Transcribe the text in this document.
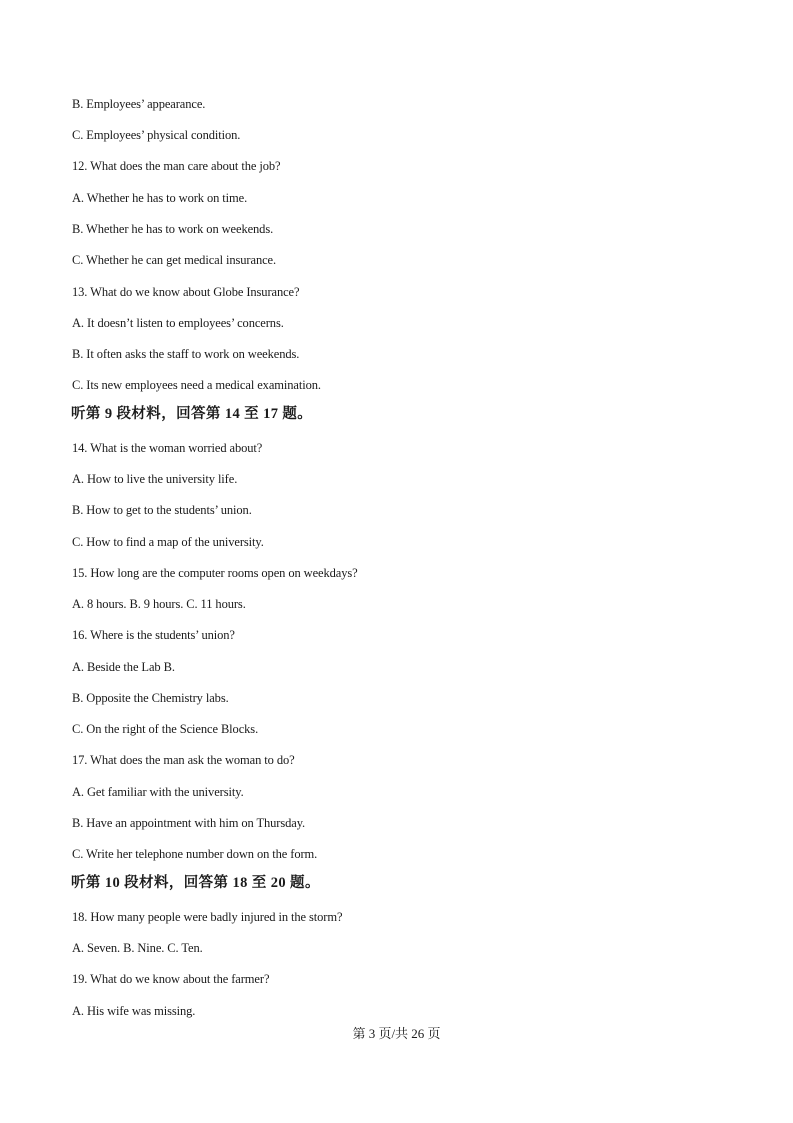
B. Employees’ appearance.
C. Employees’ physical condition.
12. What does the man care about the job?
A. Whether he has to work on time.
B. Whether he has to work on weekends.
C. Whether he can get medical insurance.
13. What do we know about Globe Insurance?
A. It doesn’t listen to employees’ concerns.
B. It often asks the staff to work on weekends.
C. Its new employees need a medical examination.
听第 9 段材料，回答第 14 至 17 题。
14. What is the woman worried about?
A. How to live the university life.
B. How to get to the students’ union.
C. How to find a map of the university.
15. How long are the computer rooms open on weekdays?
A. 8 hours. B. 9 hours. C. 11 hours.
16. Where is the students’ union?
A. Beside the Lab B.
B. Opposite the Chemistry labs.
C. On the right of the Science Blocks.
17. What does the man ask the woman to do?
A. Get familiar with the university.
B. Have an appointment with him on Thursday.
C. Write her telephone number down on the form.
听第 10 段材料，回答第 18 至 20 题。
18. How many people were badly injured in the storm?
A. Seven. B. Nine. C. Ten.
19. What do we know about the farmer?
A. His wife was missing.
第 3 页/共 26 页
